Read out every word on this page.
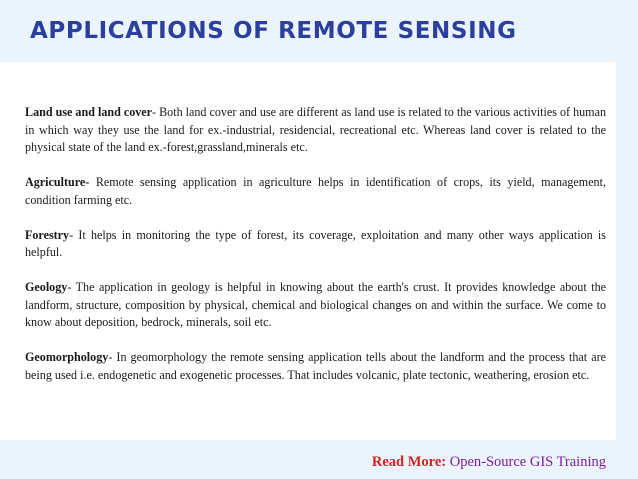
APPLICATIONS OF REMOTE SENSING

Land use and land cover- Both land cover and use are different as land use is related to the various activities of human in which way they use the land for ex.-industrial, residencial, recreational etc. Whereas land cover is related to the physical state of the land ex.-forest,grassland,minerals etc.

Agriculture- Remote sensing application in agriculture helps in identification of crops, its yield, management, condition farming etc.

Forestry- It helps in monitoring the type of forest, its coverage, exploitation and many other ways application is helpful.

Geology- The application in geology is helpful in knowing about the earth's crust. It provides knowledge about the landform, structure, composition by physical, chemical and biological changes on and within the surface. We come to know about deposition, bedrock, minerals, soil etc.

Geomorphology- In geomorphology the remote sensing application tells about the landform and the process that are being used i.e. endogenetic and exogenetic processes. That includes volcanic, plate tectonic, weathering, erosion etc.

Read More: Open-Source GIS Training
